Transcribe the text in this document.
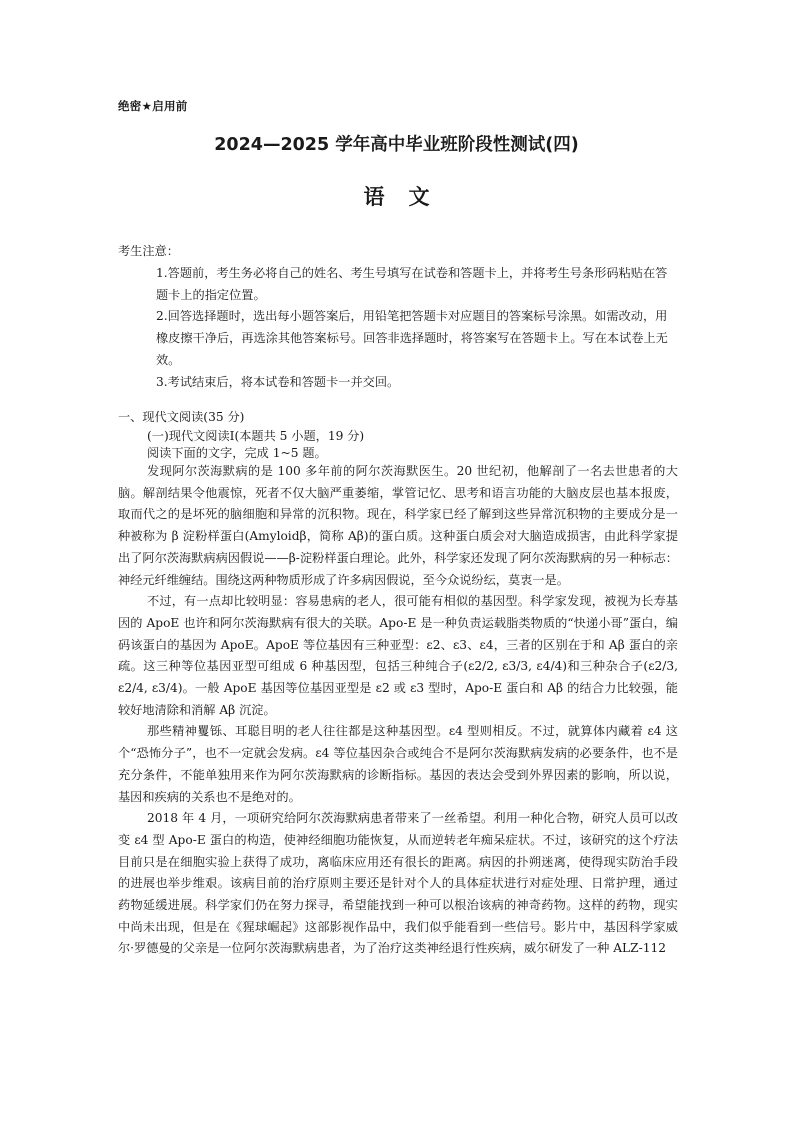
绝密★启用前
2024—2025 学年高中毕业班阶段性测试(四)
语文
考生注意：

1.答题前，考生务必将自己的姓名、考生号填写在试卷和答题卡上，并将考生号条形码粘贴在答题卡上的指定位置。

2.回答选择题时，选出每小题答案后，用铅笔把答题卡对应题目的答案标号涂黑。如需改动，用橡皮擦干净后，再选涂其他答案标号。回答非选择题时，将答案写在答题卡上。写在本试卷上无效。

3.考试结束后，将本试卷和答题卡一并交回。

一、现代文阅读(35 分)
(一)现代文阅读Ⅰ(本题共 5 小题，19 分)
阅读下面的文字，完成 1~5 题。

发现阿尔茨海默病的是 100 多年前的阿尔茨海默医生。20 世纪初，他解剖了一名去世患者的大脑。解剖结果令他震惊，死者不仅大脑严重萎缩，掌管记忆、思考和语言功能的大脑皮层也基本报废，取而代之的是坏死的脑细胞和异常的沉积物。现在，科学家已经了解到这些异常沉积物的主要成分是一种被称为 β 淀粉样蛋白(Amyloidβ，简称 Aβ)的蛋白质。这种蛋白质会对大脑造成损害，由此科学家提出了阿尔茨海默病病因假说——β-淀粉样蛋白理论。此外，科学家还发现了阿尔茨海默病的另一种标志：神经元纤维缠结。围绕这两种物质形成了许多病因假说，至今众说纷纭，莫衷一是。

不过，有一点却比较明显：容易患病的老人，很可能有相似的基因型。科学家发现，被视为长寿基因的 ApoE 也许和阿尔茨海默病有很大的关联。Apo-E 是一种负责运载脂类物质的“快递小哥”蛋白，编码该蛋白的基因为 ApoE。ApoE 等位基因有三种亚型：ε2、ε3、ε4，三者的区别在于和 Aβ 蛋白的亲疏。这三种等位基因亚型可组成 6 种基因型，包括三种纯合子(ε2/2, ε3/3, ε4/4)和三种杂合子(ε2/3, ε2/4, ε3/4)。一般 ApoE 基因等位基因亚型是 ε2 或 ε3 型时，Apo-E 蛋白和 Aβ 的结合力比较强，能较好地清除和消解 Aβ 沉淀。

那些精神矍铄、耳聪目明的老人往往都是这种基因型。ε4 型则相反。不过，就算体内藏着 ε4 这个“恐怖分子”，也不一定就会发病。ε4 等位基因杂合或纯合不是阿尔茨海默病发病的必要条件，也不是充分条件，不能单独用来作为阿尔茨海默病的诊断指标。基因的表达会受到外界因素的影响，所以说，基因和疾病的关系也不是绝对的。

2018 年 4 月，一项研究给阿尔茨海默病患者带来了一丝希望。利用一种化合物，研究人员可以改变 ε4 型 Apo-E 蛋白的构造，使神经细胞功能恢复，从而逆转老年痴呆症状。不过，该研究的这个疗法目前只是在细胞实验上获得了成功，离临床应用还有很长的距离。病因的扑朔迷离，使得现实防治手段的进展也举步维艰。该病目前的治疗原则主要还是针对个人的具体症状进行对症处理、日常护理，通过药物延缓进展。科学家们仍在努力探寻，希望能找到一种可以根治该病的神奇药物。这样的药物，现实中尚未出现，但是在《猩球崛起》这部影视作品中，我们似乎能看到一些信号。影片中，基因科学家威尔·罗德曼的父亲是一位阿尔茨海默病患者，为了治疗这类神经退行性疾病，威尔研发了一种 ALZ-112
